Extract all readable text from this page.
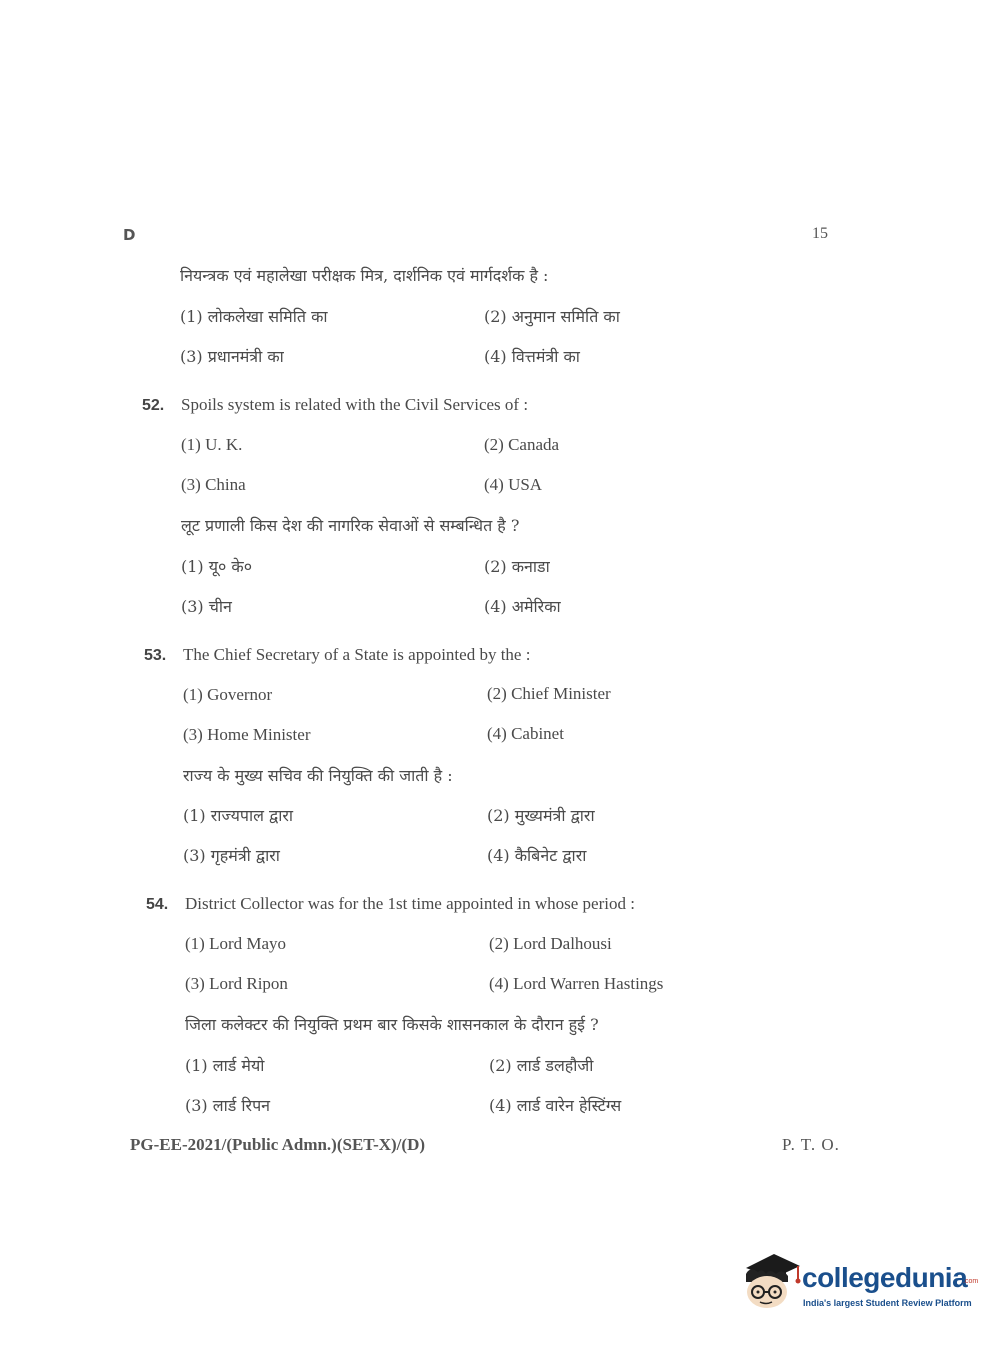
D	15
नियन्त्रक एवं महालेखा परीक्षक मित्र, दार्शनिक एवं मार्गदर्शक है :
(1) लोकलेखा समिति का	(2) अनुमान समिति का
(3) प्रधानमंत्री का	(4) वित्तमंत्री का
52. Spoils system is related with the Civil Services of :
(1) U. K.	(2) Canada
(3) China	(4) USA
लूट प्रणाली किस देश की नागरिक सेवाओं से सम्बन्धित है ?
(1) यू० के०	(2) कनाडा
(3) चीन	(4) अमेरिका
53. The Chief Secretary of a State is appointed by the :
(1) Governor	(2) Chief Minister
(3) Home Minister	(4) Cabinet
राज्य के मुख्य सचिव की नियुक्ति की जाती है :
(1) राज्यपाल द्वारा	(2) मुख्यमंत्री द्वारा
(3) गृहमंत्री द्वारा	(4) कैबिनेट द्वारा
54. District Collector was for the 1st time appointed in whose period :
(1) Lord Mayo	(2) Lord Dalhousi
(3) Lord Ripon	(4) Lord Warren Hastings
जिला कलेक्टर की नियुक्ति प्रथम बार किसके शासनकाल के दौरान हुई ?
(1) लार्ड मेयो	(2) लार्ड डलहौजी
(3) लार्ड रिपन	(4) लार्ड वारेन हेस्टिंग्स
PG-EE-2021/(Public Admn.)(SET-X)/(D)	P. T. O.
collegedunia
.com
India's largest Student Review Platform
